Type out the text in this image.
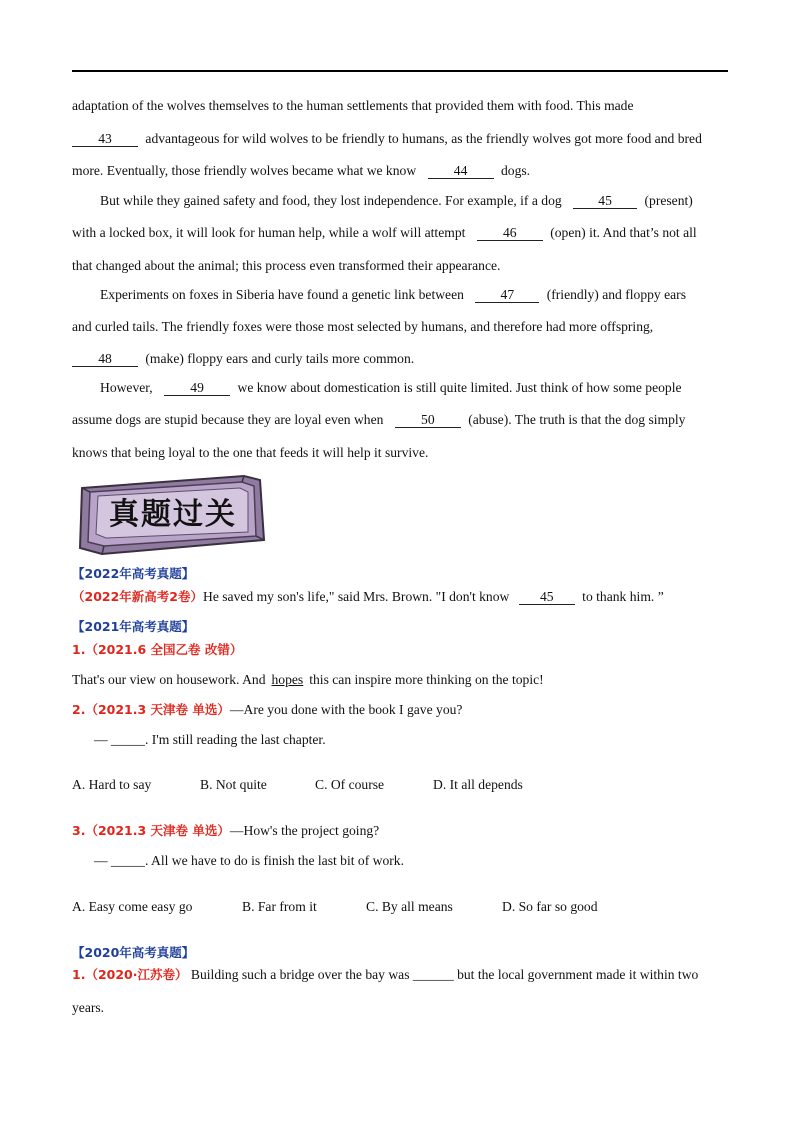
adaptation of the wolves themselves to the human settlements that provided them with food. This made
43 advantageous for wild wolves to be friendly to humans, as the friendly wolves got more food and bred
more. Eventually, those friendly wolves became what we know	44 dogs.
But while they gained safety and food, they lost independence. For example, if a dog	45 (present)
with a locked box, it will look for human help, while a wolf will attempt	46 (open) it. And that’s not all
that changed about the animal; this process even transformed their appearance.
Experiments on foxes in Siberia have found a genetic link between	47 (friendly) and floppy ears
and curled tails. The friendly foxes were those most selected by humans, and therefore had more offspring,
48 (make) floppy ears and curly tails more common.
However,	49 we know about domestication is still quite limited. Just think of how some people
assume dogs are stupid because they are loyal even when	50 (abuse). The truth is that the dog simply
knows that being loyal to the one that feeds it will help it survive.
真题过关
【2022年高考真题】
（2022年新高考2卷）He saved my son's life," said Mrs. Brown. "I don't know 45 to thank him. ”
【2021年高考真题】
1.（2021.6 全国乙卷 改错）
That's our view on housework. And hopes this can inspire more thinking on the topic!
2.（2021.3 天津卷 单选）—Are you done with the book I gave you?
— _____. I'm still reading the last chapter.
A. Hard to say	B. Not quite	C. Of course	D. It all depends
3.（2021.3 天津卷 单选）—How's the project going?
— _____. All we have to do is finish the last bit of work.
A. Easy come easy go	B. Far from it	C. By all means	D. So far so good
【2020年高考真题】
1.（2020·江苏卷） Building such a bridge over the bay was ______ but the local government made it within two
years.
